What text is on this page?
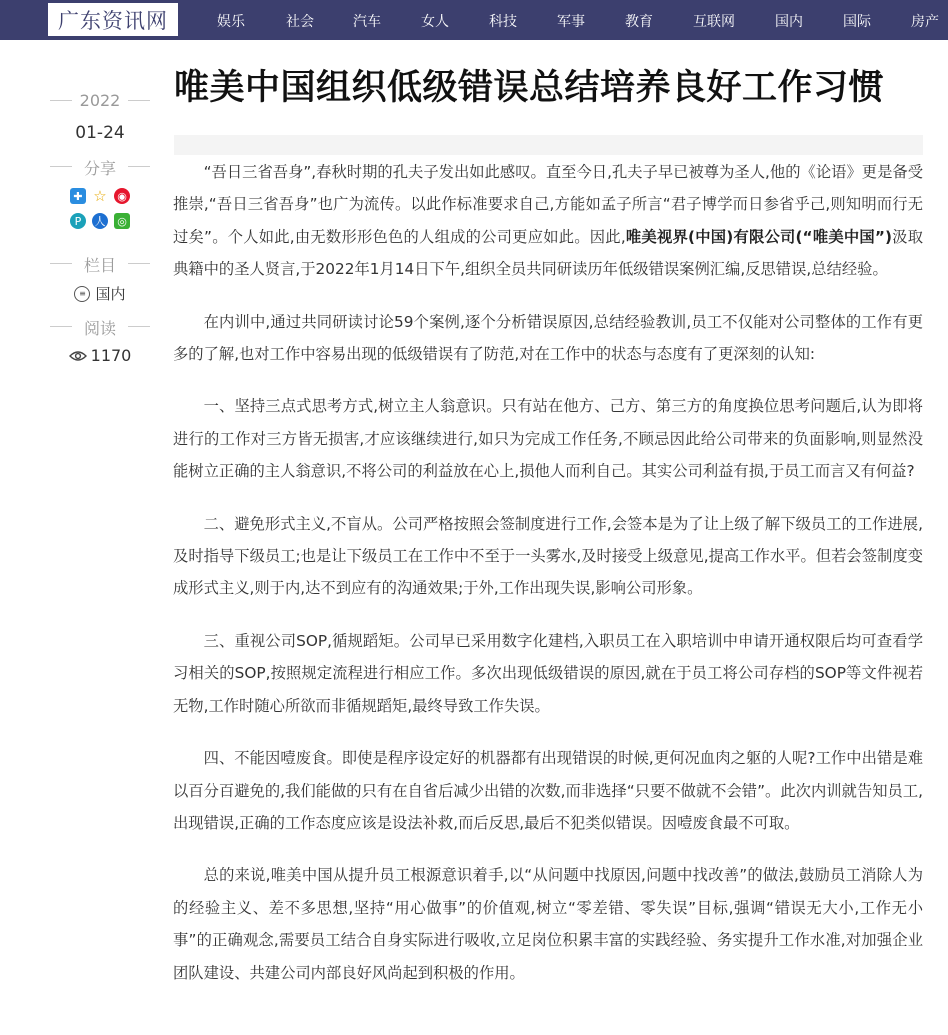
广东资讯网	娱乐	社会	汽车	女人	科技	军事	教育	互联网	国内	国际	房产
2022
01-24
分享
✚ ☆ ◉
P	人 ◎
栏目
≡ 国内
阅读
1170
唯美中国组织低级错误总结培养良好工作习惯

“吾日三省吾身”,春秋时期的孔夫子发出如此感叹。直至今日,孔夫子早已被尊为圣人,他的《论语》更是备受推崇,“吾日三省吾身”也广为流传。以此作标准要求自己,方能如孟子所言“君子博学而日参省乎己,则知明而行无过矣”。个人如此,由无数形形色色的人组成的公司更应如此。因此,唯美视界(中国)有限公司(“唯美中国”)汲取典籍中的圣人贤言,于2022年1月14日下午,组织全员共同研读历年低级错误案例汇编,反思错误,总结经验。

在内训中,通过共同研读讨论59个案例,逐个分析错误原因,总结经验教训,员工不仅能对公司整体的工作有更多的了解,也对工作中容易出现的低级错误有了防范,对在工作中的状态与态度有了更深刻的认知:

一、坚持三点式思考方式,树立主人翁意识。只有站在他方、己方、第三方的角度换位思考问题后,认为即将进行的工作对三方皆无损害,才应该继续进行,如只为完成工作任务,不顾忌因此给公司带来的负面影响,则显然没能树立正确的主人翁意识,不将公司的利益放在心上,损他人而利自己。其实公司利益有损,于员工而言又有何益?

二、避免形式主义,不盲从。公司严格按照会签制度进行工作,会签本是为了让上级了解下级员工的工作进展,及时指导下级员工;也是让下级员工在工作中不至于一头雾水,及时接受上级意见,提高工作水平。但若会签制度变成形式主义,则于内,达不到应有的沟通效果;于外,工作出现失误,影响公司形象。

三、重视公司SOP,循规蹈矩。公司早已采用数字化建档,入职员工在入职培训中申请开通权限后均可查看学习相关的SOP,按照规定流程进行相应工作。多次出现低级错误的原因,就在于员工将公司存档的SOP等文件视若无物,工作时随心所欲而非循规蹈矩,最终导致工作失误。

四、不能因噎废食。即使是程序设定好的机器都有出现错误的时候,更何况血肉之躯的人呢?工作中出错是难以百分百避免的,我们能做的只有在自省后减少出错的次数,而非选择“只要不做就不会错”。此次内训就告知员工,出现错误,正确的工作态度应该是设法补救,而后反思,最后不犯类似错误。因噎废食最不可取。

总的来说,唯美中国从提升员工根源意识着手,以“从问题中找原因,问题中找改善”的做法,鼓励员工消除人为的经验主义、差不多思想,坚持“用心做事”的价值观,树立“零差错、零失误”目标,强调“错误无大小,工作无小事”的正确观念,需要员工结合自身实际进行吸收,立足岗位积累丰富的实践经验、务实提升工作水准,对加强企业团队建设、共建公司内部良好风尚起到积极的作用。
